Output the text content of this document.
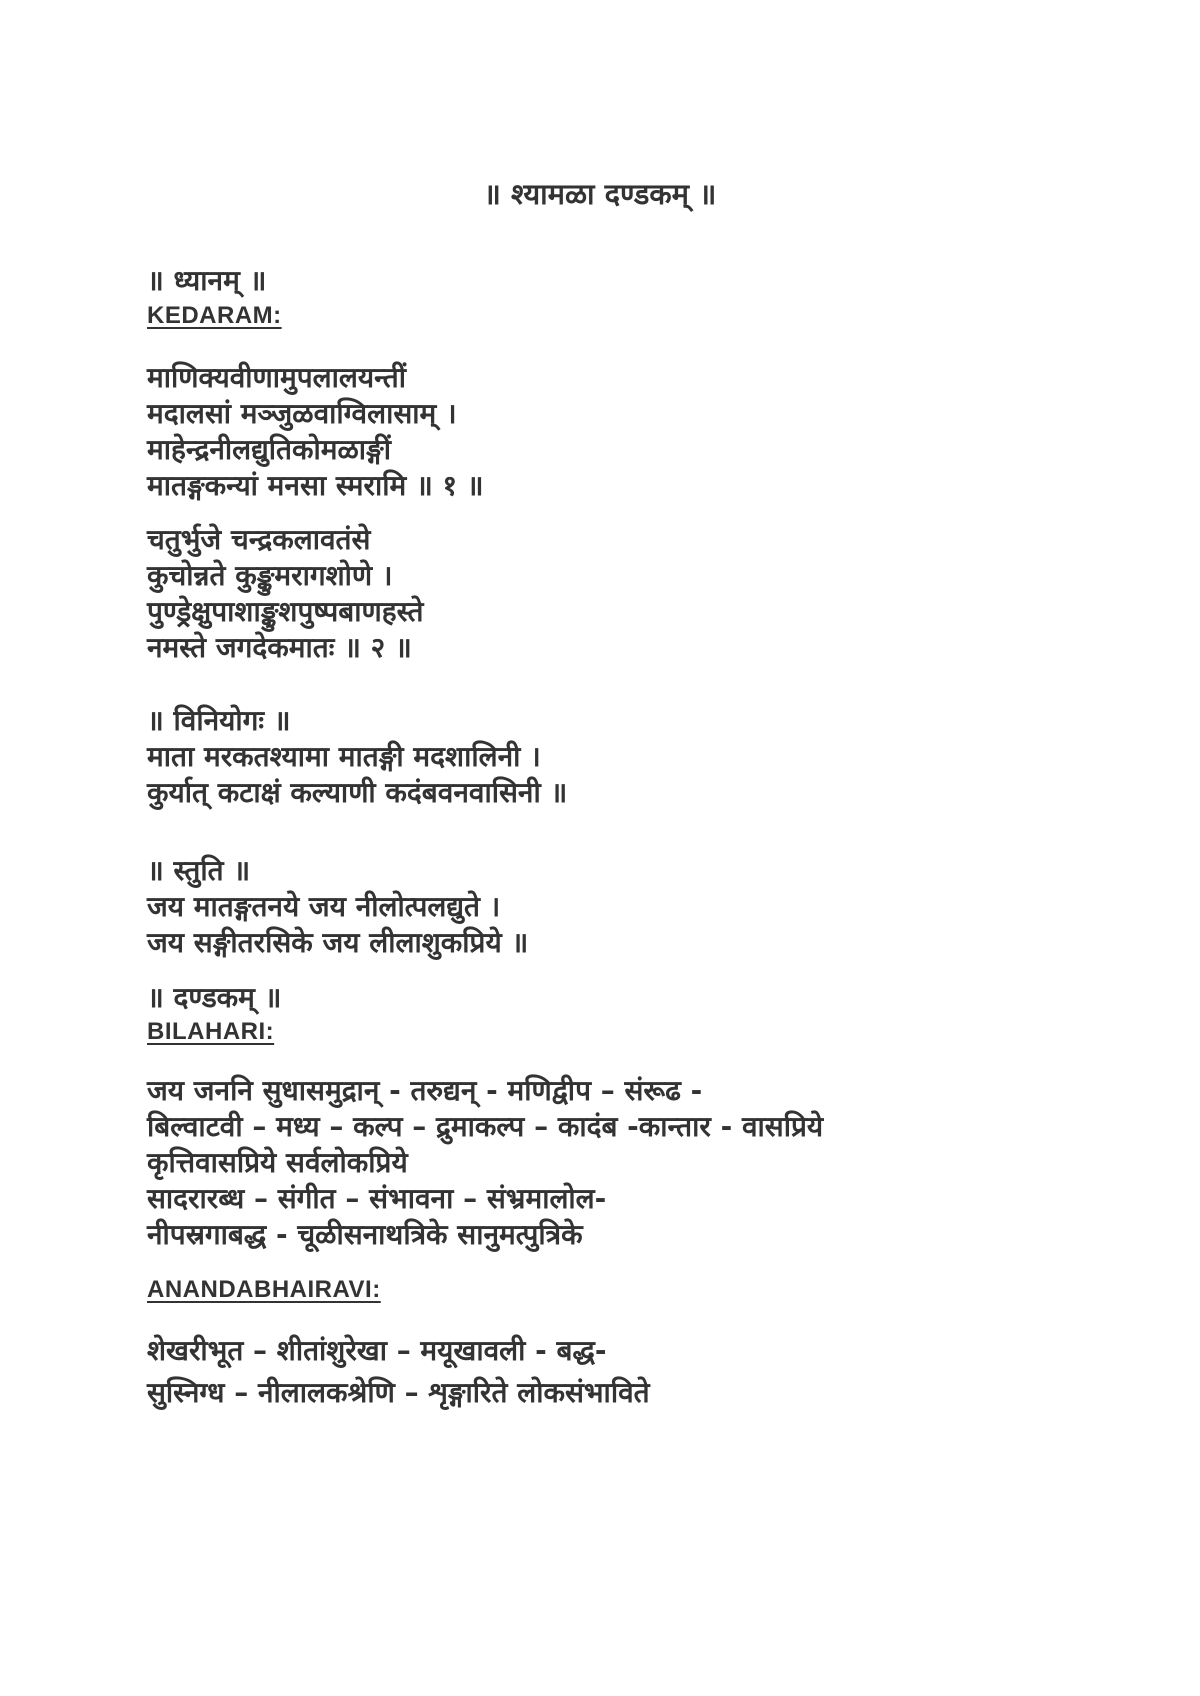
॥ श्यामळा दण्डकम् ॥
॥ ध्यानम् ॥
KEDARAM:
माणिक्यवीणामुपलालयन्तीं
मदालसां मञ्जुळवाग्विलासाम् ।
माहेन्द्रनीलद्युतिकोमळाङ्गीं
मातङ्गकन्यां मनसा स्मरामि ॥ १ ॥
चतुर्भुजे चन्द्रकलावतंसे
कुचोन्नते कुङ्कुमरागशोणे ।
पुण्ड्रेक्षुपाशाङ्कुशपुष्पबाणहस्ते
नमस्ते जगदेकमातः ॥ २ ॥
॥ विनियोगः ॥
माता मरकतश्यामा मातङ्गी मदशालिनी ।
कुर्यात् कटाक्षं कल्याणी कदंबवनवासिनी ॥
॥ स्तुति ॥
जय मातङ्गतनये जय नीलोत्पलद्युते ।
जय सङ्गीतरसिके जय लीलाशुकप्रिये ॥
॥ दण्डकम् ॥
BILAHARI:
जय जननि सुधासमुद्रान् - तरुद्यन् - मणिद्वीप – संरूढ -
बिल्वाटवी – मध्य – कल्प – द्रुमाकल्प – कादंब -कान्तार - वासप्रिये
कृत्तिवासप्रिये सर्वलोकप्रिये
सादरारब्ध – संगीत – संभावना – संभ्रमालोल-
नीपस्रगाबद्ध - चूळीसनाथत्रिके सानुमत्पुत्रिके
ANANDABHAIRAVI:
शेखरीभूत – शीतांशुरेखा – मयूखावली - बद्ध-
सुस्निग्ध – नीलालकश्रेणि – शृङ्गारिते लोकसंभाविते
